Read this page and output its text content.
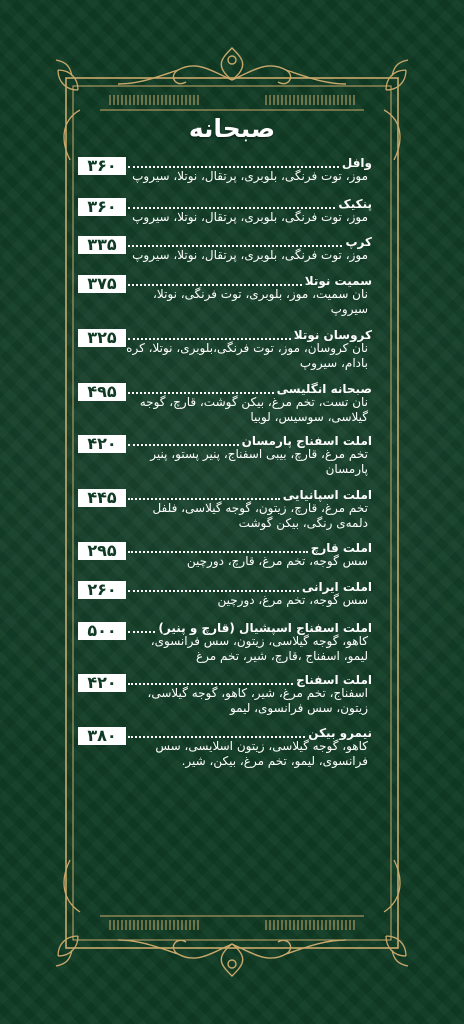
صبحانه
۳۶۰	وافل
موز، توت فرنگی، بلوبری، پرتقال، نوتلا، سیروپ
۳۶۰	پنکیک
موز، توت فرنگی، بلوبری، پرتقال، نوتلا، سیروپ
۳۳۵	کرپ
موز، توت فرنگی، بلوبری، پرتقال، نوتلا، سیروپ
۳۷۵	سمیت نوتلا
نان سمیت، موز، بلوبری، توت فرنگی، نوتلا، سیروپ
۳۲۵	کروسان نوتلا
نان کروسان، موز، توت فرنگی،بلوبری، نوتلا، کره بادام، سیروپ
۴۹۵	صبحانه انگلیسی
نان تست، تخم مرغ، بیکن گوشت، قارچ، گوجه گیلاسی، سوسیس، لوبیا
۴۲۰	املت اسفناج پارمسان
تخم مرغ، قارچ، بیبی اسفناج، پنیر پستو، پنیر پارمسان
۴۴۵	املت اسپانیایی
تخم مرغ، قارچ، زیتون، گوجه گیلاسی، فلفل دلمه‌ی رنگی، بیکن گوشت
۲۹۵	املت قارچ
سس گوجه، تخم مرغ، قارچ، دورچین
۲۶۰	املت ایرانی
سس گوجه، تخم مرغ، دورچین
۵۰۰	املت اسفناج اسپشیال (قارچ و پنیر)
کاهو، گوجه گیلاسی، زیتون، سس فرانسوی، لیمو، اسفناج ،قارچ، شیر، تخم مرغ
۴۲۰	املت اسفناج
اسفناج، تخم مرغ، شیر، کاهو، گوجه گیلاسی، زیتون، سس فرانسوی، لیمو
۳۸۰	نیمرو بیکن
کاهو، گوجه گیلاسی، زیتون اسلایسی، سس فرانسوی، لیمو، تخم مرغ، بیکن، شیر.
